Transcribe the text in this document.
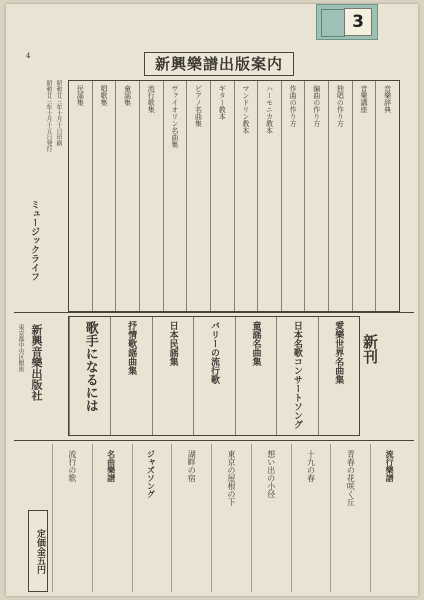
3
4	新興樂譜出版案内
昭和廿三年十月十日印刷
昭和廿三年十月十五日発行
ミュージックライフ
音樂辞典
音樂講座
独唱の作り方
編曲の作り方
作曲の作り方
ハーモニカ教本
マンドリン教本
ギター教本
ピアノ名曲集
ヴァイオリン名曲集
流行歌集
童謡集
唱歌集
民謡集
新興音樂出版社
東京都中央区銀座	新刊
愛樂世界名曲集
日本名歌コンサートソング
童謡名曲集
バリーの流行歌
日本民謡集
抒情歌謡曲集
歌手になるには
流行樂譜
青春の花咲く丘
十九の春
想い出の小径
東京の屋根の下
湖畔の宿
ジャズソング
名曲樂譜
流行の歌
定価金五円
